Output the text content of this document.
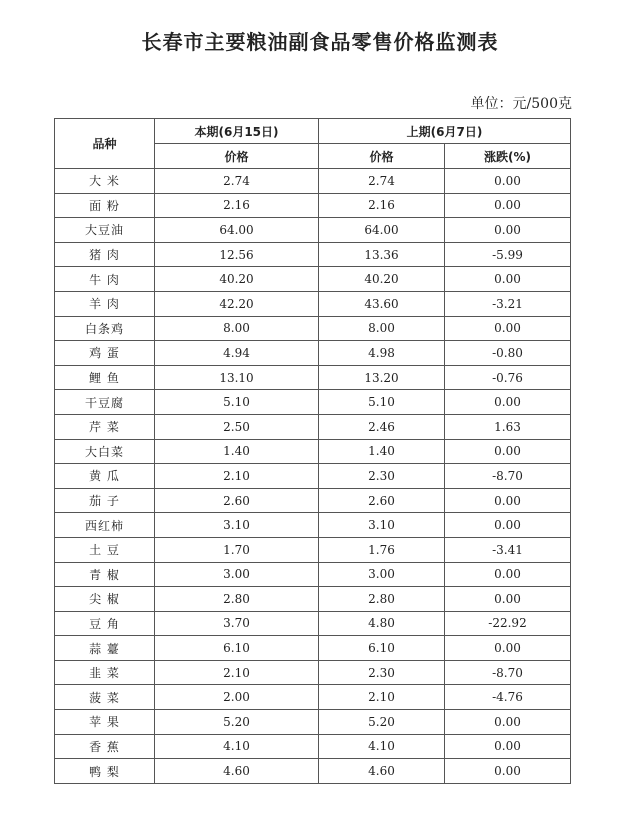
长春市主要粮油副食品零售价格监测表
单位：元/500克
品种	本期(6月15日)	上期(6月7日)	
	价格	价格	涨跌(%)
大 米	2.74	2.74	0.00
面 粉	2.16	2.16	0.00
大豆油	64.00	64.00	0.00
猪 肉	12.56	13.36	-5.99
牛 肉	40.20	40.20	0.00
羊 肉	42.20	43.60	-3.21
白条鸡	8.00	8.00	0.00
鸡 蛋	4.94	4.98	-0.80
鲤 鱼	13.10	13.20	-0.76
干豆腐	5.10	5.10	0.00
芹 菜	2.50	2.46	1.63
大白菜	1.40	1.40	0.00
黄 瓜	2.10	2.30	-8.70
茄 子	2.60	2.60	0.00
西红柿	3.10	3.10	0.00
土 豆	1.70	1.76	-3.41
青 椒	3.00	3.00	0.00
尖 椒	2.80	2.80	0.00
豆 角	3.70	4.80	-22.92
蒜 薹	6.10	6.10	0.00
韭 菜	2.10	2.30	-8.70
菠 菜	2.00	2.10	-4.76
苹 果	5.20	5.20	0.00
香 蕉	4.10	4.10	0.00
鸭 梨	4.60	4.60	0.00
